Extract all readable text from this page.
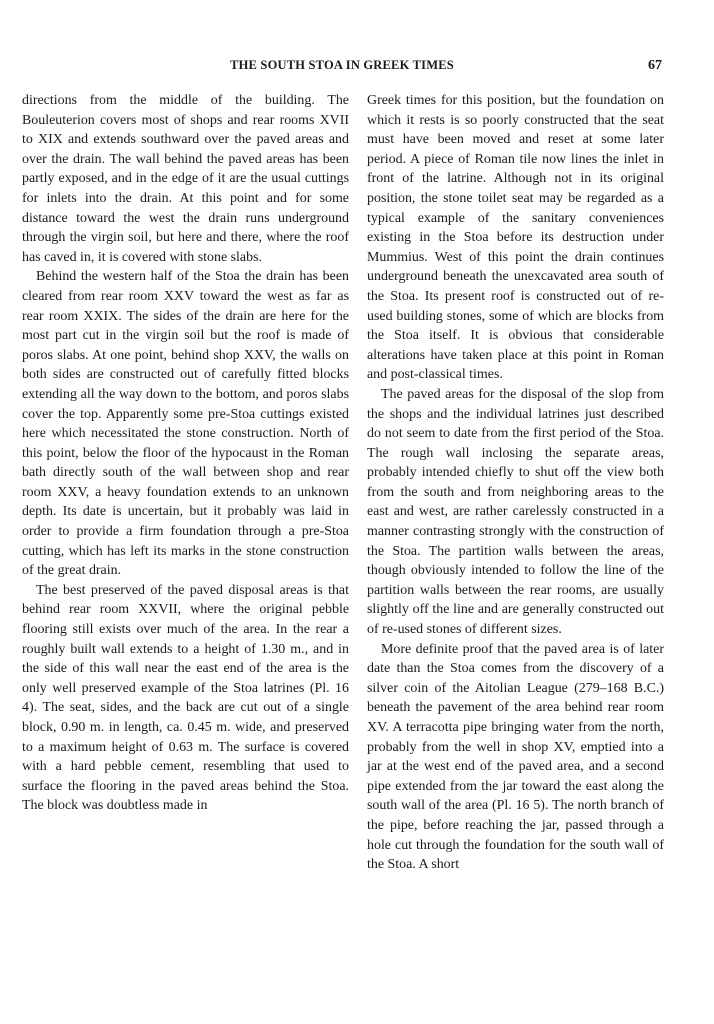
THE SOUTH STOA IN GREEK TIMES	67

directions from the middle of the building. The Bouleuterion covers most of shops and rear rooms XVII to XIX and extends southward over the paved areas and over the drain. The wall behind the paved areas has been partly exposed, and in the edge of it are the usual cuttings for inlets into the drain. At this point and for some distance toward the west the drain runs underground through the virgin soil, but here and there, where the roof has caved in, it is covered with stone slabs.

Behind the western half of the Stoa the drain has been cleared from rear room XXV toward the west as far as rear room XXIX. The sides of the drain are here for the most part cut in the virgin soil but the roof is made of poros slabs. At one point, behind shop XXV, the walls on both sides are constructed out of carefully fitted blocks extending all the way down to the bottom, and poros slabs cover the top. Apparently some pre-Stoa cuttings existed here which necessitated the stone construction. North of this point, below the floor of the hypocaust in the Roman bath directly south of the wall between shop and rear room XXV, a heavy foundation extends to an unknown depth. Its date is uncertain, but it probably was laid in order to provide a firm foundation through a pre-Stoa cutting, which has left its marks in the stone construction of the great drain.

The best preserved of the paved disposal areas is that behind rear room XXVII, where the original pebble flooring still exists over much of the area. In the rear a roughly built wall extends to a height of 1.30 m., and in the side of this wall near the east end of the area is the only well preserved example of the Stoa latrines (Pl. 16 4). The seat, sides, and the back are cut out of a single block, 0.90 m. in length, ca. 0.45 m. wide, and preserved to a maximum height of 0.63 m. The surface is covered with a hard pebble cement, resembling that used to surface the flooring in the paved areas behind the Stoa. The block was doubtless made in

Greek times for this position, but the foundation on which it rests is so poorly constructed that the seat must have been moved and reset at some later period. A piece of Roman tile now lines the inlet in front of the latrine. Although not in its original position, the stone toilet seat may be regarded as a typical example of the sanitary conveniences existing in the Stoa before its destruction under Mummius. West of this point the drain continues underground beneath the unexcavated area south of the Stoa. Its present roof is constructed out of re-used building stones, some of which are blocks from the Stoa itself. It is obvious that considerable alterations have taken place at this point in Roman and post-classical times.

The paved areas for the disposal of the slop from the shops and the individual latrines just described do not seem to date from the first period of the Stoa. The rough wall inclosing the separate areas, probably intended chiefly to shut off the view both from the south and from neighboring areas to the east and west, are rather carelessly constructed in a manner contrasting strongly with the construction of the Stoa. The partition walls between the areas, though obviously intended to follow the line of the partition walls between the rear rooms, are usually slightly off the line and are generally constructed out of re-used stones of different sizes.

More definite proof that the paved area is of later date than the Stoa comes from the discovery of a silver coin of the Aitolian League (279–168 B.C.) beneath the pavement of the area behind rear room XV. A terracotta pipe bringing water from the north, probably from the well in shop XV, emptied into a jar at the west end of the paved area, and a second pipe extended from the jar toward the east along the south wall of the area (Pl. 16 5). The north branch of the pipe, before reaching the jar, passed through a hole cut through the foundation for the south wall of the Stoa. A short
